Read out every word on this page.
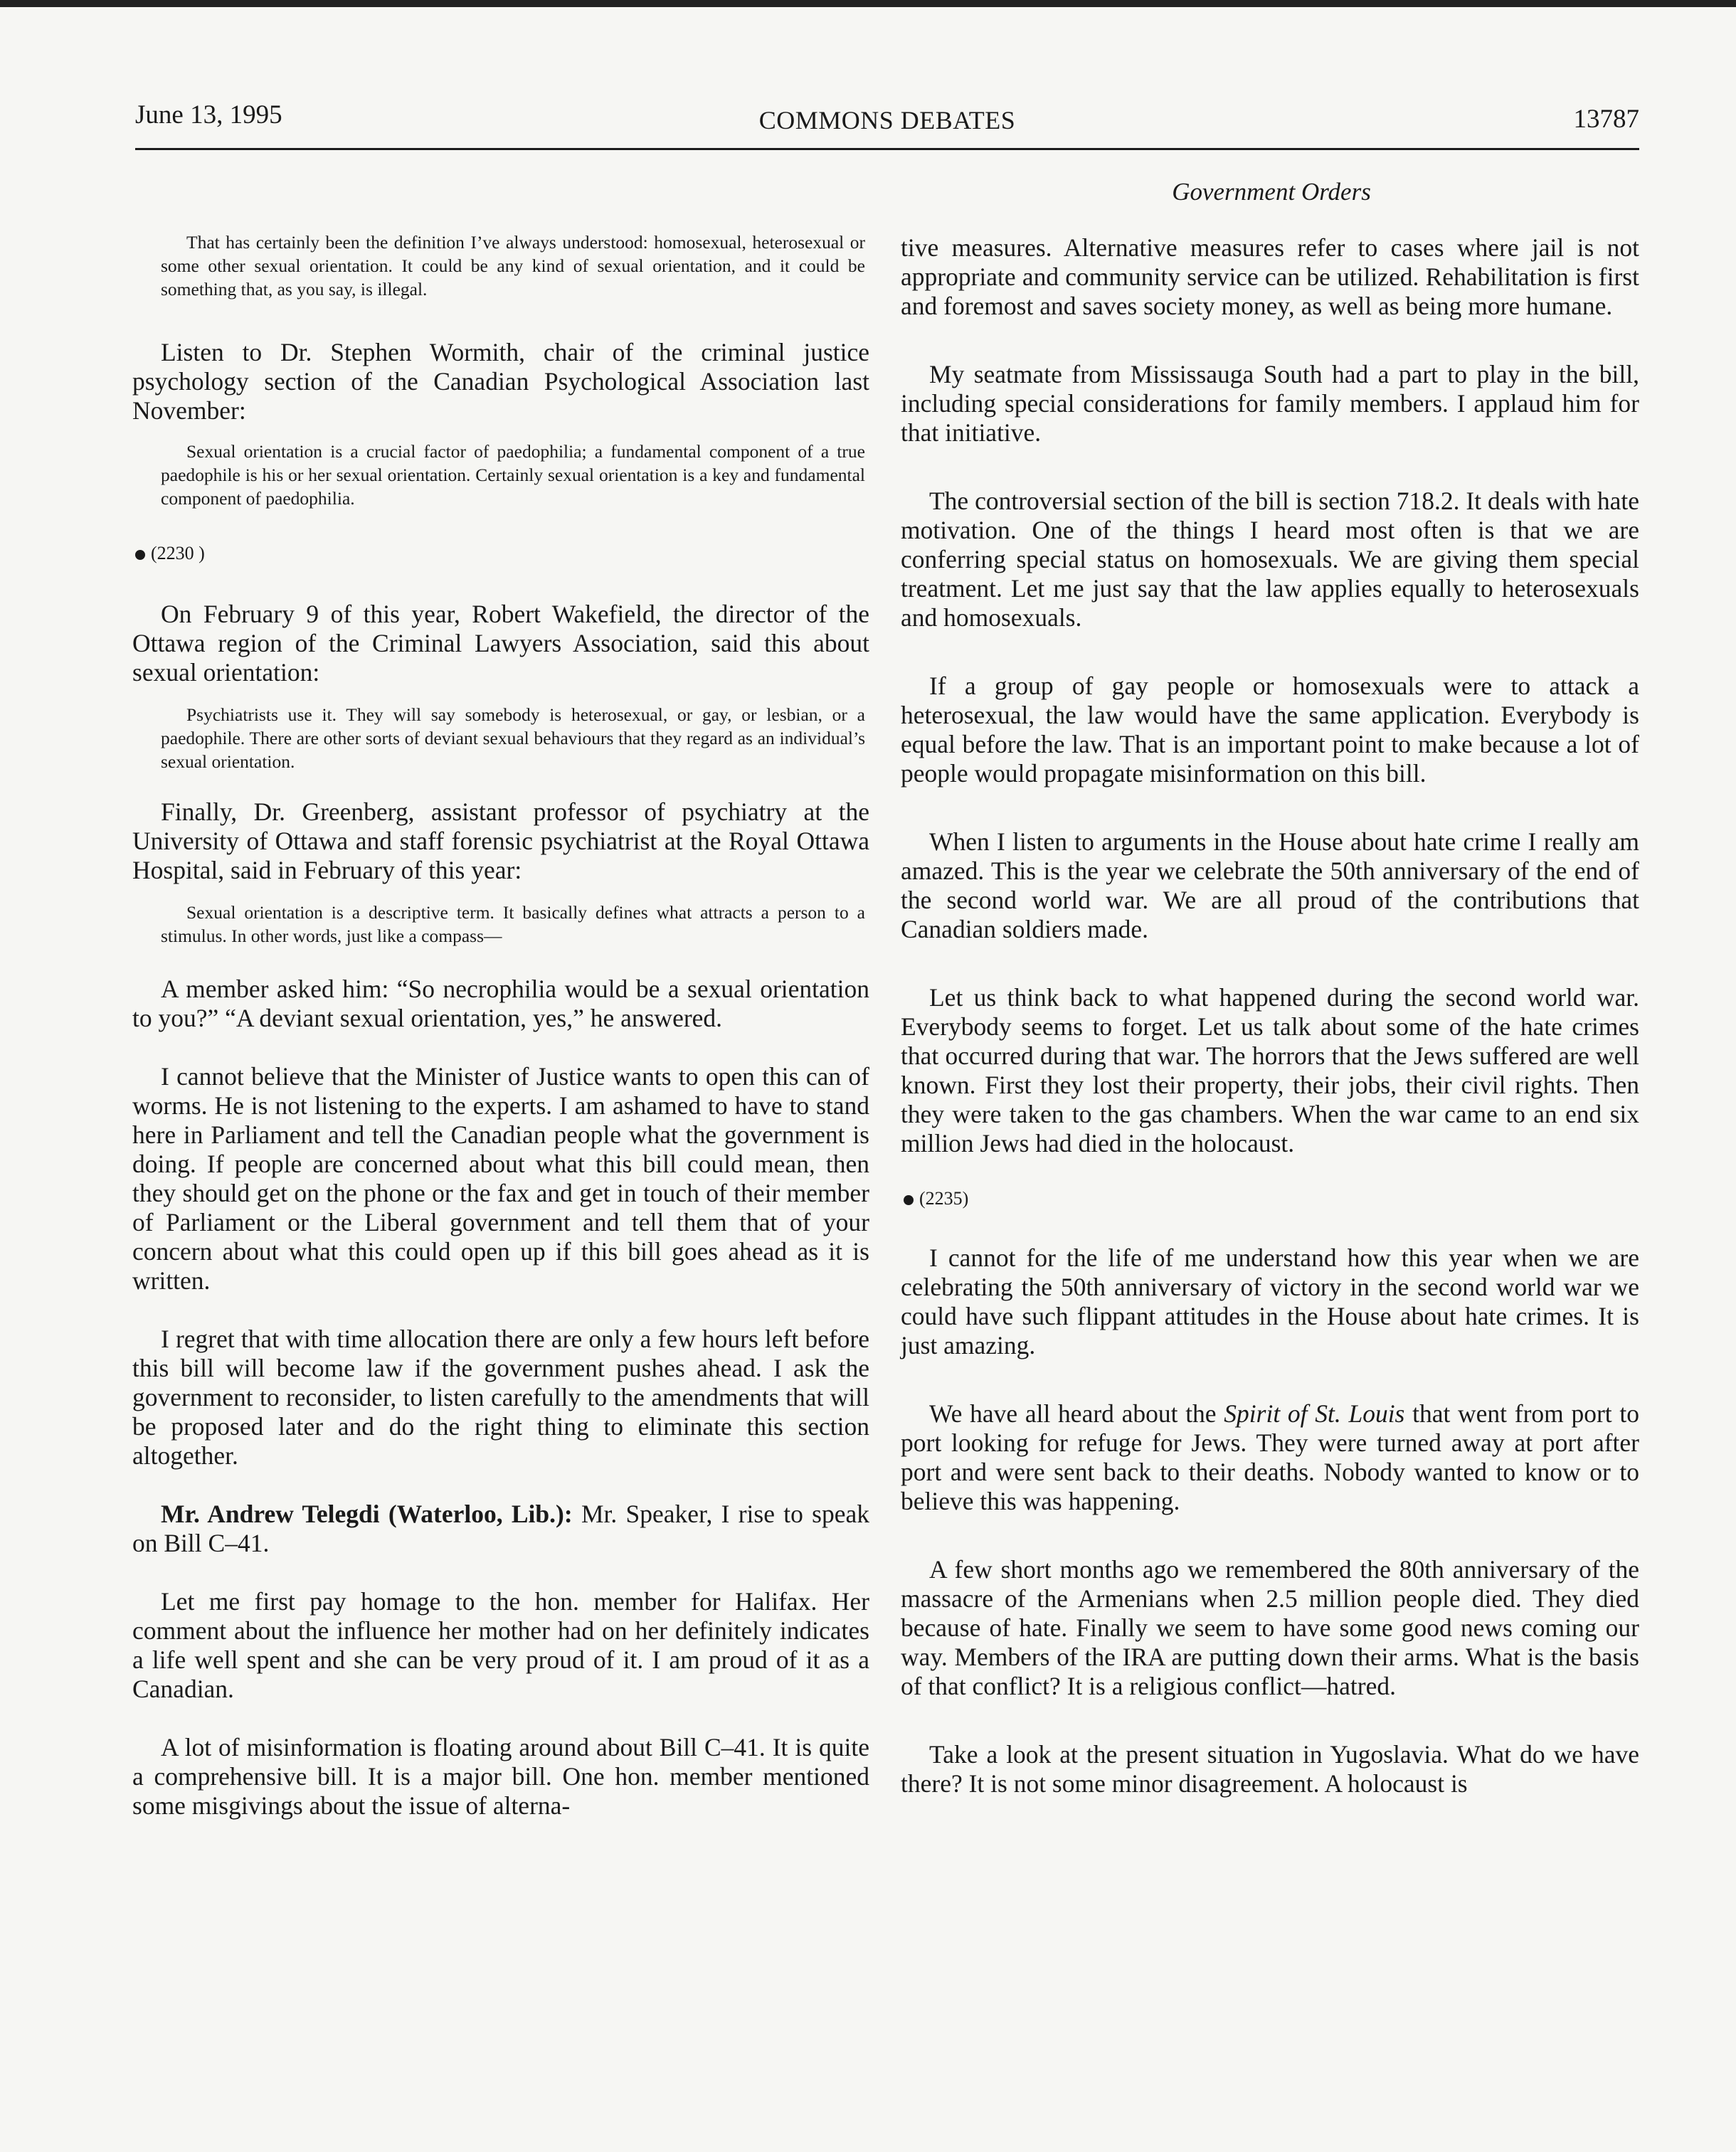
June 13, 1995	COMMONS DEBATES	13787
Government Orders

That has certainly been the definition I’ve always understood: homosexual, heterosexual or some other sexual orientation. It could be any kind of sexual orientation, and it could be something that, as you say, is illegal.

Listen to Dr. Stephen Wormith, chair of the criminal justice psychology section of the Canadian Psychological Association last November:

Sexual orientation is a crucial factor of paedophilia; a fundamental component of a true paedophile is his or her sexual orientation. Certainly sexual orientation is a key and fundamental component of paedophilia.

(2230 )

On February 9 of this year, Robert Wakefield, the director of the Ottawa region of the Criminal Lawyers Association, said this about sexual orientation:

Psychiatrists use it. They will say somebody is heterosexual, or gay, or lesbian, or a paedophile. There are other sorts of deviant sexual behaviours that they regard as an individual’s sexual orientation.

Finally, Dr. Greenberg, assistant professor of psychiatry at the University of Ottawa and staff forensic psychiatrist at the Royal Ottawa Hospital, said in February of this year:

Sexual orientation is a descriptive term. It basically defines what attracts a person to a stimulus. In other words, just like a compass—

A member asked him: “So necrophilia would be a sexual orientation to you?” “A deviant sexual orientation, yes,” he answered.

I cannot believe that the Minister of Justice wants to open this can of worms. He is not listening to the experts. I am ashamed to have to stand here in Parliament and tell the Canadian people what the government is doing. If people are concerned about what this bill could mean, then they should get on the phone or the fax and get in touch of their member of Parliament or the Liberal government and tell them that of your concern about what this could open up if this bill goes ahead as it is written.

I regret that with time allocation there are only a few hours left before this bill will become law if the government pushes ahead. I ask the government to reconsider, to listen carefully to the amendments that will be proposed later and do the right thing to eliminate this section altogether.

Mr. Andrew Telegdi (Waterloo, Lib.): Mr. Speaker, I rise to speak on Bill C–41.

Let me first pay homage to the hon. member for Halifax. Her comment about the influence her mother had on her definitely indicates a life well spent and she can be very proud of it. I am proud of it as a Canadian.

A lot of misinformation is floating around about Bill C–41. It is quite a comprehensive bill. It is a major bill. One hon. member mentioned some misgivings about the issue of alterna-

tive measures. Alternative measures refer to cases where jail is not appropriate and community service can be utilized. Rehabilitation is first and foremost and saves society money, as well as being more humane.

My seatmate from Mississauga South had a part to play in the bill, including special considerations for family members. I applaud him for that initiative.

The controversial section of the bill is section 718.2. It deals with hate motivation. One of the things I heard most often is that we are conferring special status on homosexuals. We are giving them special treatment. Let me just say that the law applies equally to heterosexuals and homosexuals.

If a group of gay people or homosexuals were to attack a heterosexual, the law would have the same application. Everybody is equal before the law. That is an important point to make because a lot of people would propagate misinformation on this bill.

When I listen to arguments in the House about hate crime I really am amazed. This is the year we celebrate the 50th anniversary of the end of the second world war. We are all proud of the contributions that Canadian soldiers made.

Let us think back to what happened during the second world war. Everybody seems to forget. Let us talk about some of the hate crimes that occurred during that war. The horrors that the Jews suffered are well known. First they lost their property, their jobs, their civil rights. Then they were taken to the gas chambers. When the war came to an end six million Jews had died in the holocaust.

(2235)

I cannot for the life of me understand how this year when we are celebrating the 50th anniversary of victory in the second world war we could have such flippant attitudes in the House about hate crimes. It is just amazing.

We have all heard about the Spirit of St. Louis that went from port to port looking for refuge for Jews. They were turned away at port after port and were sent back to their deaths. Nobody wanted to know or to believe this was happening.

A few short months ago we remembered the 80th anniversary of the massacre of the Armenians when 2.5 million people died. They died because of hate. Finally we seem to have some good news coming our way. Members of the IRA are putting down their arms. What is the basis of that conflict? It is a religious conflict—hatred.

Take a look at the present situation in Yugoslavia. What do we have there? It is not some minor disagreement. A holocaust is
